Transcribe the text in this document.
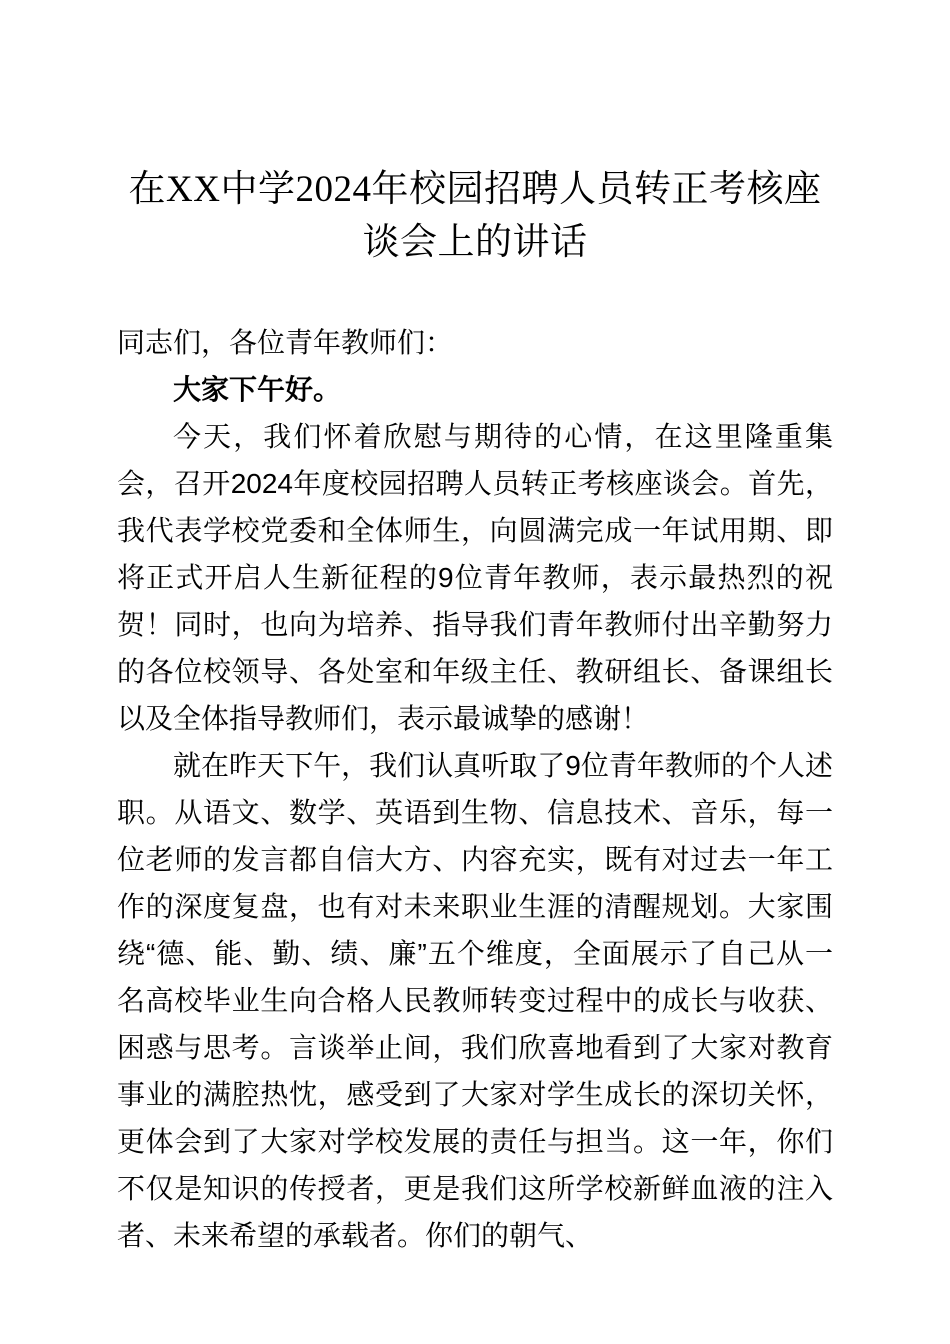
在XX中学2024年校园招聘人员转正考核座谈会上的讲话

同志们，各位青年教师们：

大家下午好。

今天，我们怀着欣慰与期待的心情，在这里隆重集会，召开2024年度校园招聘人员转正考核座谈会。首先，我代表学校党委和全体师生，向圆满完成一年试用期、即将正式开启人生新征程的9位青年教师，表示最热烈的祝贺！同时，也向为培养、指导我们青年教师付出辛勤努力的各位校领导、各处室和年级主任、教研组长、备课组长以及全体指导教师们，表示最诚挚的感谢！

就在昨天下午，我们认真听取了9位青年教师的个人述职。从语文、数学、英语到生物、信息技术、音乐，每一位老师的发言都自信大方、内容充实，既有对过去一年工作的深度复盘，也有对未来职业生涯的清醒规划。大家围绕“德、能、勤、绩、廉”五个维度，全面展示了自己从一名高校毕业生向合格人民教师转变过程中的成长与收获、困惑与思考。言谈举止间，我们欣喜地看到了大家对教育事业的满腔热忱，感受到了大家对学生成长的深切关怀，更体会到了大家对学校发展的责任与担当。这一年，你们不仅是知识的传授者，更是我们这所学校新鲜血液的注入者、未来希望的承载者。你们的朝气、
